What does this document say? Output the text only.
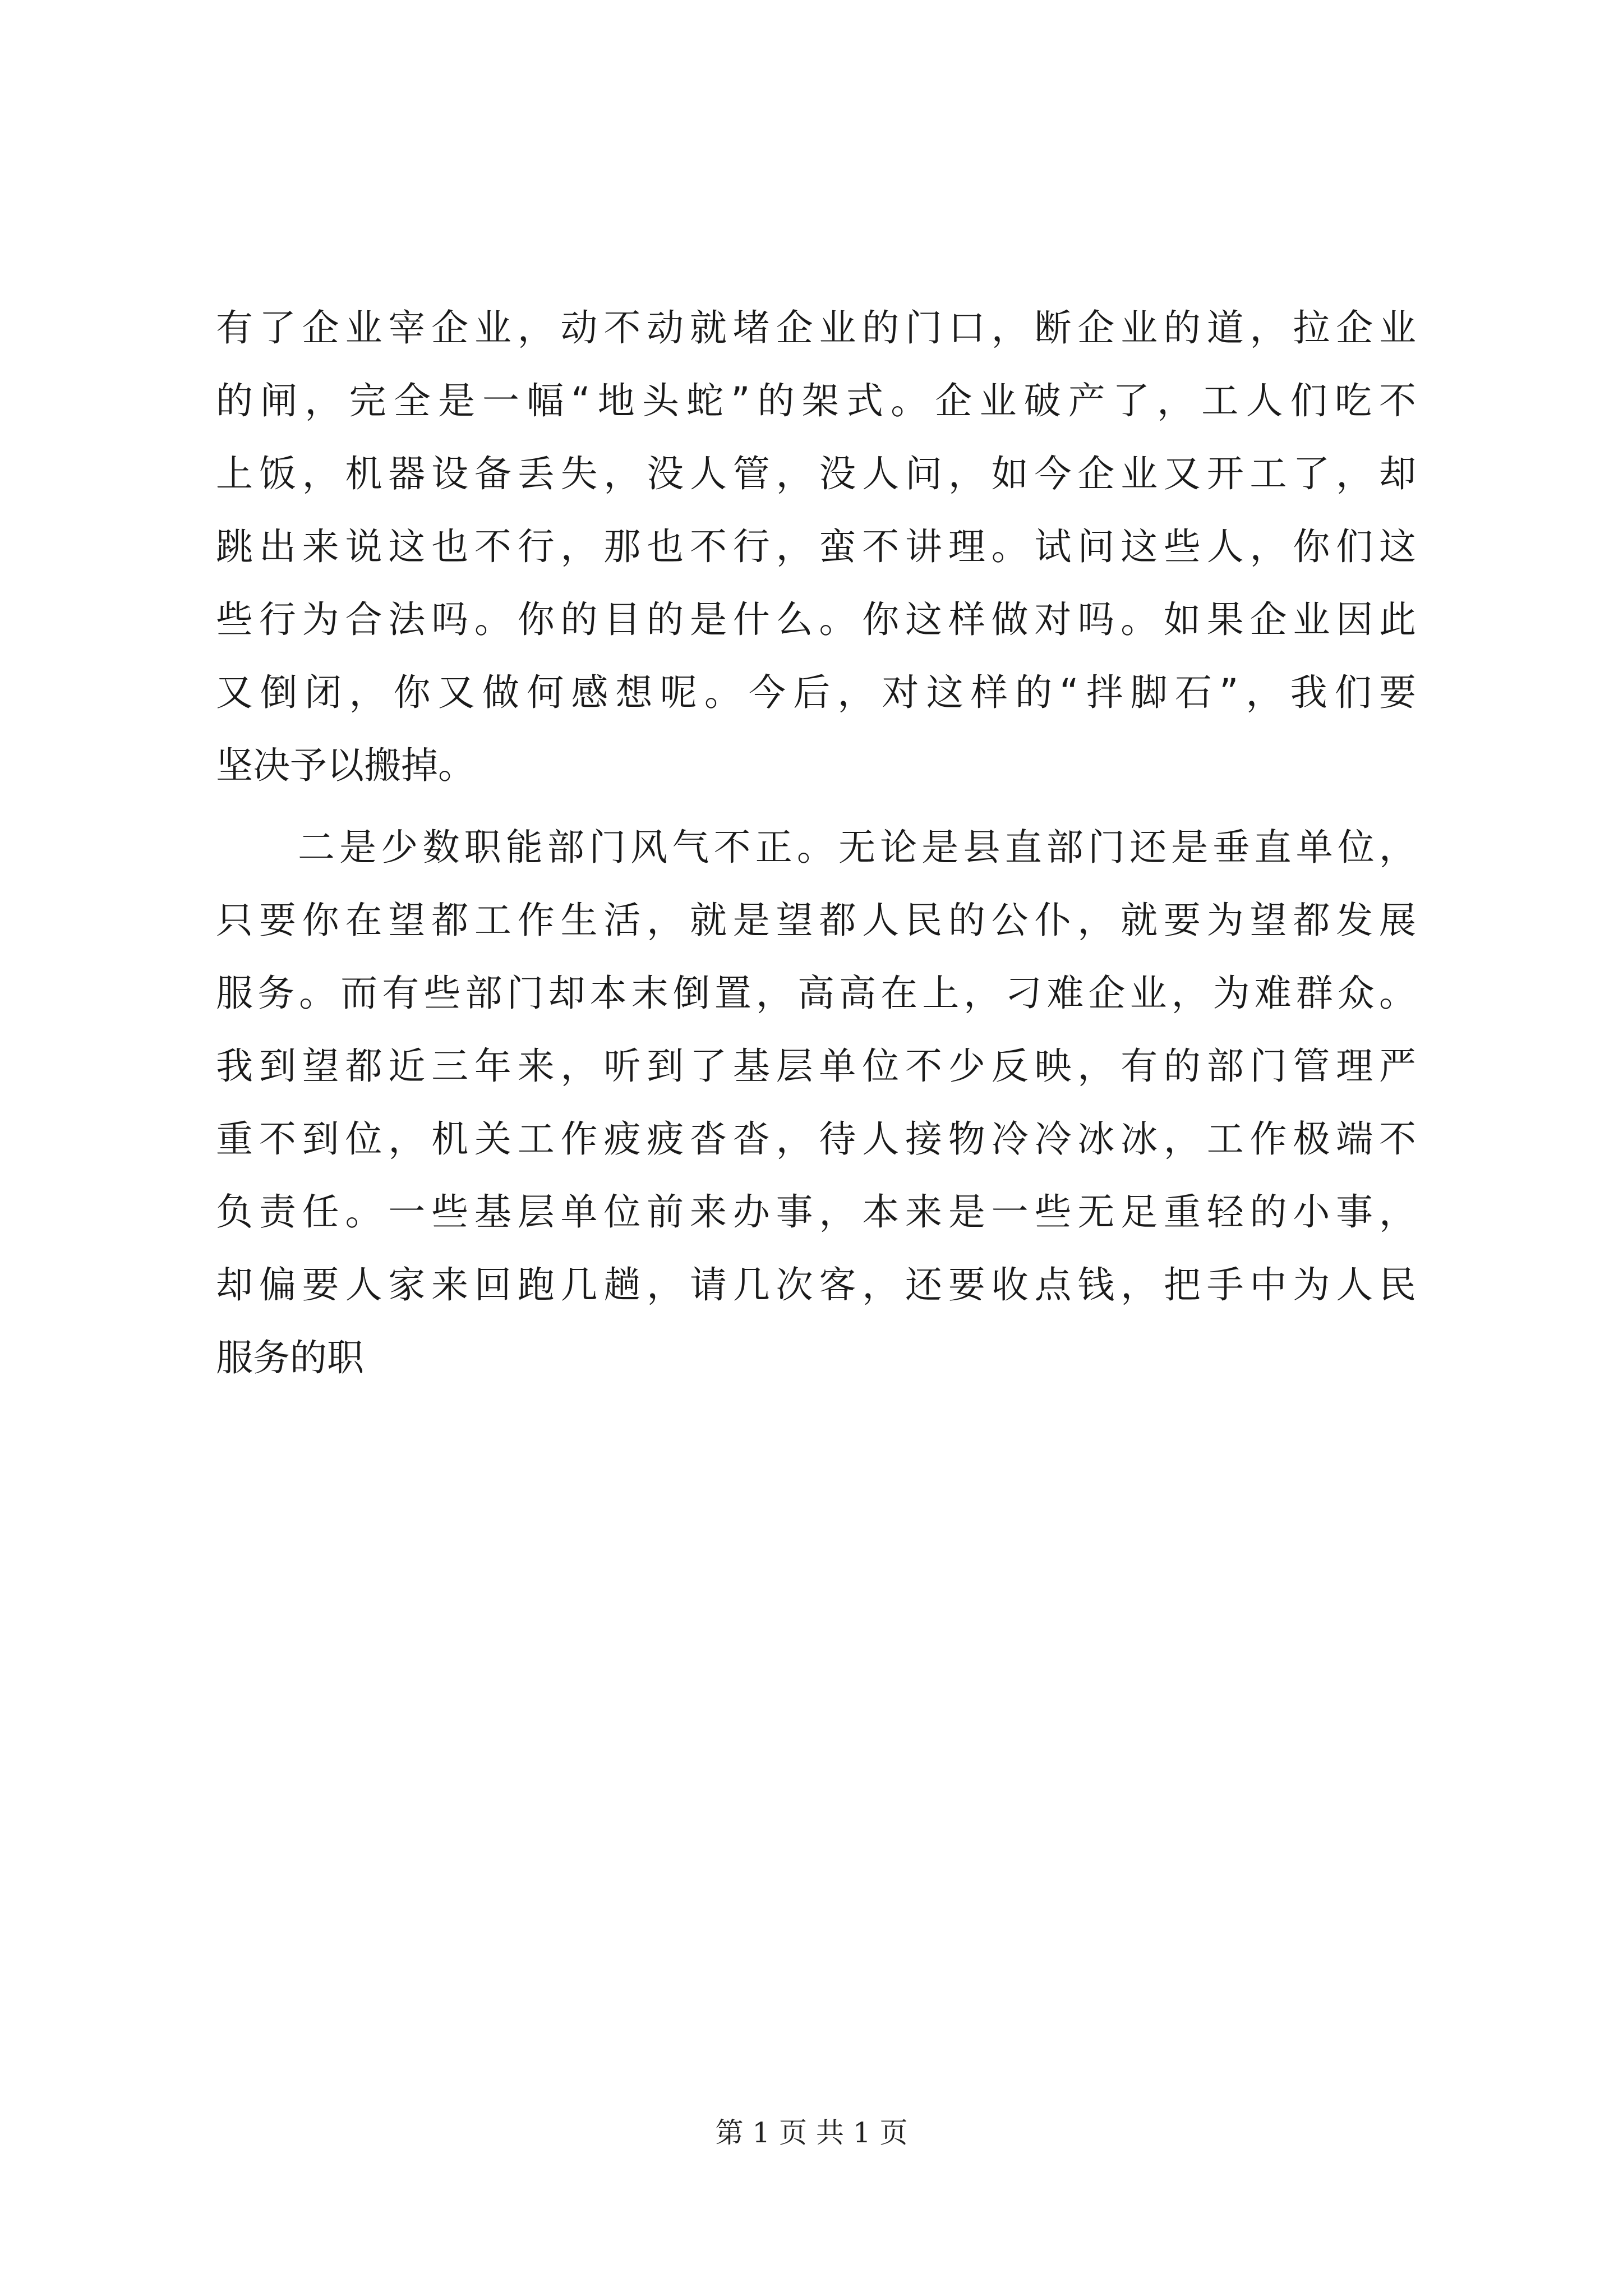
有了企业宰企业，动不动就堵企业的门口，断企业的道，拉企业
的闸，完全是一幅“地头蛇”的架式。企业破产了，工人们吃不
上饭，机器设备丢失，没人管，没人问，如今企业又开工了，却
跳出来说这也不行，那也不行，蛮不讲理。试问这些人，你们这
些行为合法吗。你的目的是什么。你这样做对吗。如果企业因此
又倒闭，你又做何感想呢。今后，对这样的“拌脚石”，我们要
坚决予以搬掉。
二是少数职能部门风气不正。无论是县直部门还是垂直单位，
只要你在望都工作生活，就是望都人民的公仆，就要为望都发展
服务。而有些部门却本末倒置，高高在上，刁难企业，为难群众。
我到望都近三年来，听到了基层单位不少反映，有的部门管理严
重不到位，机关工作疲疲沓沓，待人接物冷冷冰冰，工作极端不
负责任。一些基层单位前来办事，本来是一些无足重轻的小事，
却偏要人家来回跑几趟，请几次客，还要收点钱，把手中为人民
服务的职
第 1 页 共 1 页
